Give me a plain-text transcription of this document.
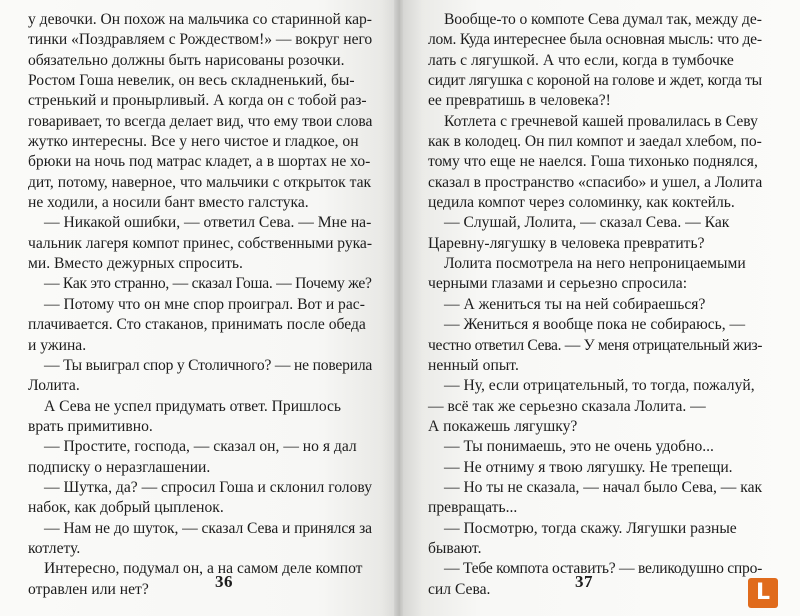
у девочки. Он похож на мальчика со старинной кар-
тинки «Поздравляем с Рождеством!» — вокруг него
обязательно должны быть нарисованы розочки.
Ростом Гоша невелик, он весь складненький, бы-
стренький и проныpливый. А когда он с тобой раз-
говаривает, то всегда делает вид, что ему твои слова
жутко интересны. Все у него чистое и гладкое, он
брюки на ночь под матрас кладет, а в шортах не хо-
дит, потому, наверное, что мальчики с открыток так
не ходили, а носили бант вместо галстука.
— Никакой ошибки, — ответил Сева. — Мне на-
чальник лагеря компот принес, собственными рука-
ми. Вместо дежурных спросить.
— Как это странно, — сказал Гоша. — Почему же?
— Потому что он мне спор проиграл. Вот и рас-
плачивается. Сто стаканов, принимать после обеда
и ужина.
— Ты выиграл спор у Столичного? — не поверила
Лолита.
А Сева не успел придумать ответ. Пришлось
врать примитивно.
— Простите, господа, — сказал он, — но я дал
подписку о неразглашении.
— Шутка, да? — спросил Гоша и склонил голову
набок, как добрый цыпленок.
— Нам не до шуток, — сказал Сева и принялся за
котлету.
Интересно, подумал он, а на самом деле компот
отравлен или нет?	36
Вообще-то о компоте Сева думал так, между де-
лом. Куда интереснее была основная мысль: что де-
лать с лягушкой. А что если, когда в тумбочке
сидит лягушка с короной на голове и ждет, когда ты
ее превратишь в человека?!
Котлета с гречневой кашей провалилась в Севу
как в колодец. Он пил компот и заедал хлебом, по-
тому что еще не наелся. Гоша тихонько поднялся,
сказал в пространство «спасибо» и ушел, а Лолита
цедила компот через соломинку, как коктейль.
— Слушай, Лолита, — сказал Сева. — Как
Царевну-лягушку в человека превратить?
Лолита посмотрела на него непроницаемыми
черными глазами и серьезно спросила:
— А жениться ты на ней собираешься?
— Жениться я вообще пока не собираюсь, —
честно ответил Сева. — У меня отрицательный жиз-
ненный опыт.
— Ну, если отрицательный, то тогда, пожалуй,
— всё так же серьезно сказала Лолита. —
А покажешь лягушку?
— Ты понимаешь, это не очень удобно...
— Не отниму я твою лягушку. Не трепещи.
— Но ты не сказала, — начал было Сева, — как
превращать...
— Посмотрю, тогда скажу. Лягушки разные
бывают.
— Тебе компота оставить? — великодушно спро-
сил Сева.	37	L
